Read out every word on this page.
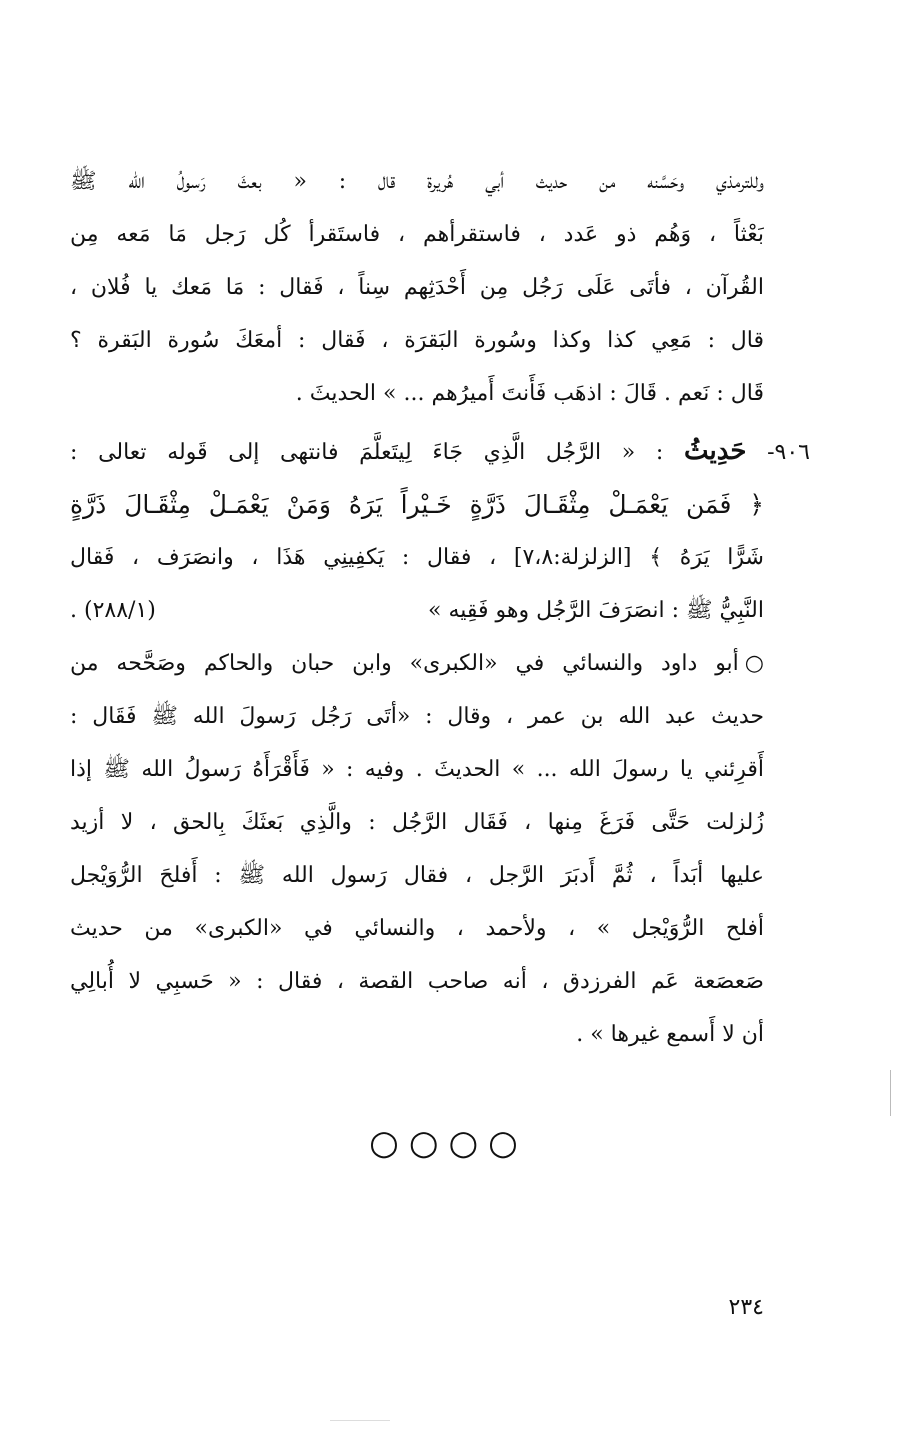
وللترمذي وحَسَّنه من حديث أبي هُريرة قال : « بعثَ رَسولُ الله ﷺ
بَعْثاً ، وَهُم ذو عَدد ، فاستقرأهم ، فاستَقرأ كُل رَجل مَا مَعه مِن
القُرآن ، فأتَى عَلَى رَجُل مِن أَحْدَثِهم سِناً ، فَقال : مَا مَعك يا فُلان ،
قال : مَعِي كذا وكذا وسُورة البَقرَة ، فَقال : أمعَكَ سُورة البَقرة ؟
قَال : نَعم . قَالَ : اذهَب فَأَنتَ أَميرُهم ... » الحديثَ .
٩٠٦- حَدِيثُ : « الرَّجُل الَّذِي جَاءَ لِيتَعلَّمَ فانتهى إلى قَوله تعالى :
﴿ فَمَن يَعْمَـلْ مِثْقَـالَ ذَرَّةٍ خَـيْراً يَرَهُ وَمَنْ يَعْمَـلْ مِثْقَـالَ ذَرَّةٍ
شَرًّا يَرَهُ ﴾ [الزلزلة:٧،٨] ، فقال : يَكفِينِي هَذَا ، وانصَرَف ، فَقال
النَّبِيُّ ﷺ : انصَرَفَ الرَّجُل وهو فَقِيه »
(٢٨٨/١) .
○أبو داود والنسائي في «الكبرى» وابن حبان والحاكم وصَحَّحه من
حديث عبد الله بن عمر ، وقال : «أتَى رَجُل رَسولَ الله ﷺ فَقَال :
أَقرِئني يا رسولَ الله ... » الحديثَ . وفيه : « فَأَقْرَأَهُ رَسولُ الله ﷺ إذا
زُلزلت حَتَّى فَرَغَ مِنها ، فَقَال الرَّجُل : والَّذِي بَعثَكَ بِالحق ، لا أزيد
عليها أبَداً ، ثُمَّ أَدبَرَ الرَّجل ، فقال رَسول الله ﷺ : أَفلحَ الرُّوَيْجل
أفلح الرُّوَيْجل » ، ولأحمد ، والنسائي في «الكبرى» من حديث
صَعصَعة عَم الفرزدق ، أنه صاحب القصة ، فقال : « حَسبِي لا أُبالِي
أن لا أَسمع غيرها » .
○○○○
٢٣٤
